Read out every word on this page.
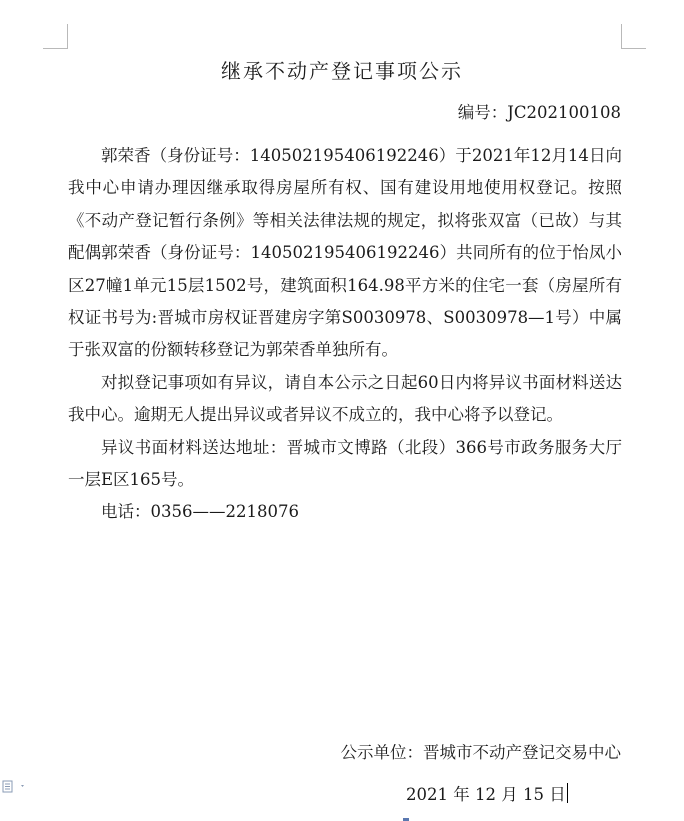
继承不动产登记事项公示
编号：JC202100108

郭荣香（身份证号：140502195406192246）于2021年12月14日向我中心申请办理因继承取得房屋所有权、国有建设用地使用权登记。按照《不动产登记暂行条例》等相关法律法规的规定，拟将张双富（已故）与其配偶郭荣香（身份证号：140502195406192246）共同所有的位于怡凤小区27幢1单元15层1502号，建筑面积164.98平方米的住宅一套（房屋所有权证书号为:晋城市房权证晋建房字第S0030978、S0030978—1号）中属于张双富的份额转移登记为郭荣香单独所有。

对拟登记事项如有异议，请自本公示之日起60日内将异议书面材料送达我中心。逾期无人提出异议或者异议不成立的，我中心将予以登记。

异议书面材料送达地址：晋城市文博路（北段）366号市政务服务大厅一层E区165号。

电话：0356——2218076

公示单位：晋城市不动产登记交易中心
2021 年 12 月 15 日
